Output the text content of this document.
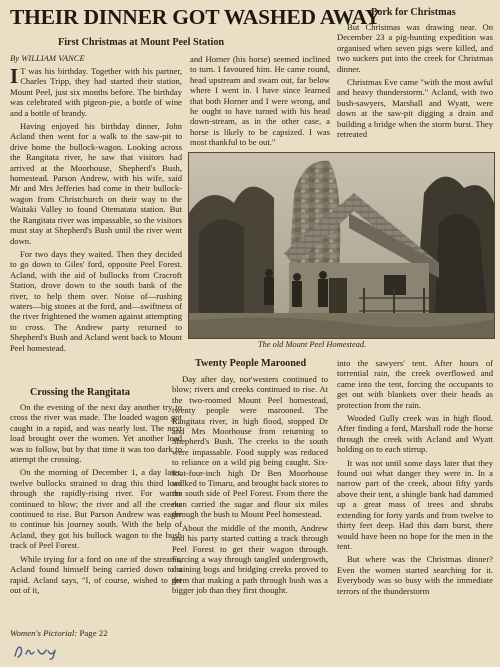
THEIR DINNER GOT WASHED AWAY
First Christmas at Mount Peel Station

By WILLIAM VANCE

I T was his birthday. Together with his partner, Charles Tripp, they had started their station, Mount Peel, just six months before. The birthday was celebrated with pigeon-pie, a bottle of wine and a bottle of brandy.

Having enjoyed his birthday dinner, John Acland then went for a walk to the saw-pit to drive home the bullock-wagon. Looking across the Rangitata river, he saw that visitors had arrived at the Moorhouse, Shepherd's Bush, homestead. Parson Andrew, with his wife, said Mr and Mrs Jefferies had come in their bullock-wagon from Christchurch on their way to the Waitaki Valley to found Otematata station. But the Rangitata river was impassable, so the visitors must stay at Shepherd's Bush until the river went down.

For two days they waited. Then they decided to go down to Giles' ford, opposite Peel Forest. Acland, with the aid of bullocks from Cracroft Station, drove down to the south bank of the river, to help them over. Noise of—rushing waters—big stones at the ford, and—swiftness of the river frightened the women against attempting to cross. The Andrew party returned to Shepherd's Bush and Acland went back to Mount Peel homestead.

Crossing the Rangitata

On the evening of the next day another try to cross the river was made. The loaded wagon got caught in a rapid, and was nearly lost. The next load brought over the women. Yet another load was to follow, but by that time it was too dark to attempt the crossing.

On the morning of December 1, a day later, twelve bullocks strained to drag this third load through the rapidly-rising river. For waters continued to blow; the river and all the creeks continued to rise. But Parson Andrew was eager to continue his journey south. With the help of Acland, they got his bullock wagon to the bush track of Peel Forest.

While trying for a ford on one of the streams, Acland found himself being carried down to a rapid. Acland says, "I, of course, wished to get out of it,

and Horner (his horse) seemed inclined to turn. I favoured him. He came round, head upstream and swam out, far below where I went in. I have since learned that both Horner and I were wrong, and he ought to have turned with his head down-stream, as in the other case, a horse is likely to be capsized. I was most thankful to be out."

Pork for Christmas

But Christmas was drawing near. On December 23 a pig-hunting expedition was organised when seven pigs were killed, and two suckers put into the creek for Christmas dinner.

Christmas Eve came "with the most awful and heavy thunderstorm." Acland, with two bush-sawyers, Marshall and Wyatt, were down at the saw-pit digging a drain and building a bridge when the storm burst. They retreated

The old Mount Peel Homestead.

Twenty People Marooned

Day after day, nor'westers continued to blow; rivers and creeks continued to rise. At the two-roomed Mount Peel homestead, twenty people were marooned. The Rangitata river, in high flood, stopped Dr and Mrs Moorhouse from returning to Shepherd's Bush. The creeks to the south were impassable. Food supply was reduced to reliance on a wild pig being caught. Six-foot-four-inch high Dr Ben Moorhouse walked to Timaru, and brought back stores to the south side of Peel Forest. From there the men carried the sugar and flour six miles through the bush to Mount Peel homestead.

About the middle of the month, Andrew and his party started cutting a track through Peel Forest to get their wagon through. Forcing a way through tangled undergrowth, draining bogs and bridging creeks proved to them that making a path through bush was a bigger job than they first thought.

into the sawyers' tent. After hours of torrential rain, the creek overflowed and came into the tent, forcing the occupants to get out with blankets over their heads as protection from the rain.

Wooded Gully creek was in high flood. After finding a ford, Marshall rode the horse through the creek with Acland and Wyatt holding on to each stirrup.

It was not until some days later that they found out what danger they were in. In a narrow part of the creek, about fifty yards above their tent, a shingle bank had dammed up a great mass of trees and shrubs extending for forty yards and from twelve to thirty feet deep. Had this dam burst, there would have been no hope for the men in the tent.

But where was the Christmas dinner? Even the women started searching for it. Everybody was so busy with the immediate terrors of the thunderstorm

Women's Pictorial: Page 22
